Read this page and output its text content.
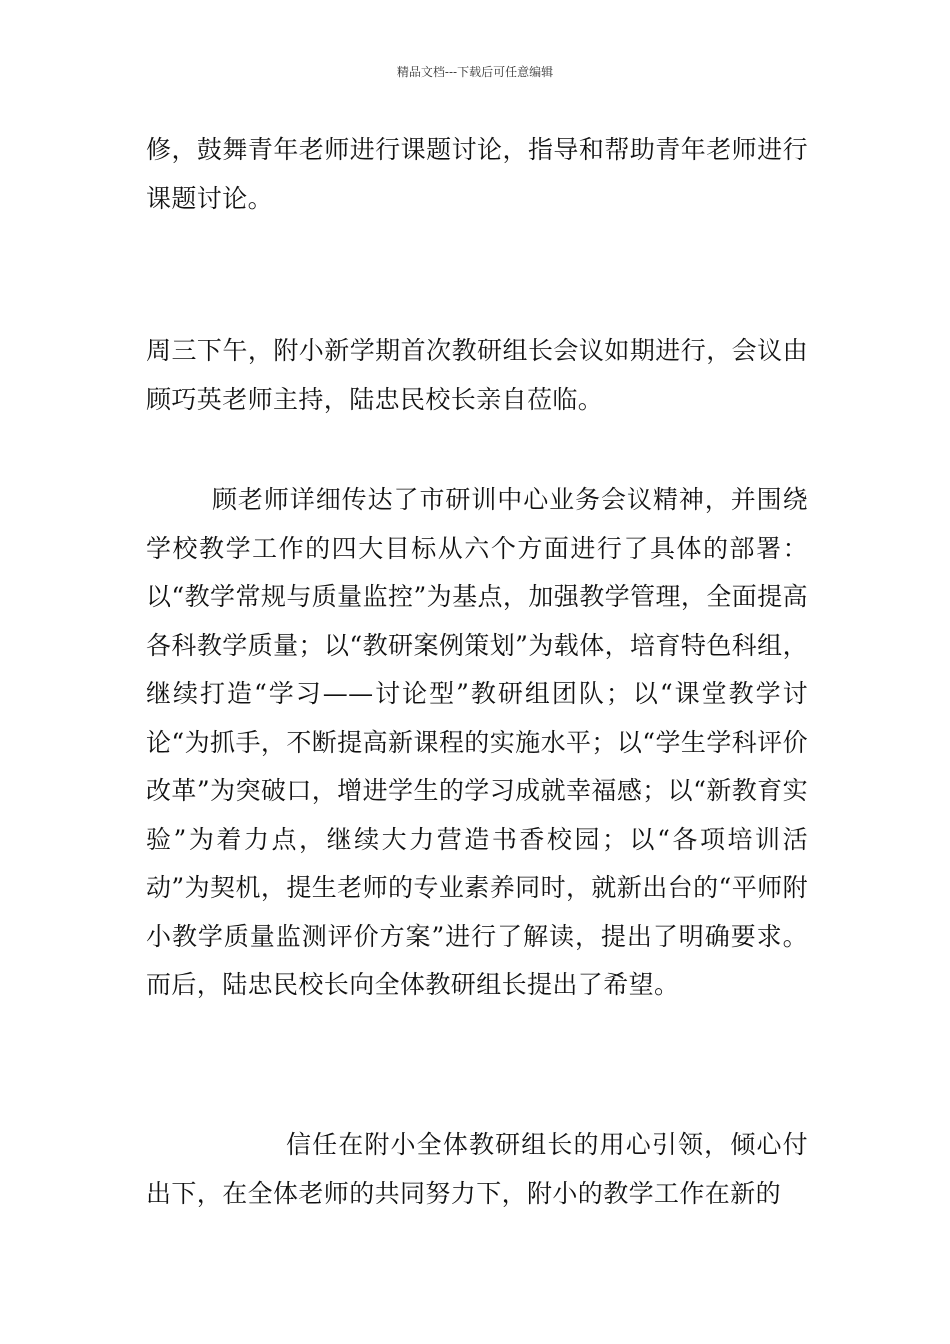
精品文档---下载后可任意编辑

修，鼓舞青年老师进行课题讨论，指导和帮助青年老师进行课题讨论。

周三下午，附小新学期首次教研组长会议如期进行，会议由顾巧英老师主持，陆忠民校长亲自莅临。

顾老师详细传达了市研训中心业务会议精神，并围绕学校教学工作的四大目标从六个方面进行了具体的部署：以“教学常规与质量监控”为基点，加强教学管理，全面提高各科教学质量；以“教研案例策划”为载体，培育特色科组，继续打造“学习——讨论型”教研组团队；以“课堂教学讨论“为抓手，不断提高新课程的实施水平；以“学生学科评价改革”为突破口，增进学生的学习成就幸福感；以“新教育实验”为着力点，继续大力营造书香校园；以“各项培训活动”为契机，提生老师的专业素养同时，就新出台的“平师附小教学质量监测评价方案”进行了解读，提出了明确要求。而后，陆忠民校长向全体教研组长提出了希望。

信任在附小全体教研组长的用心引领，倾心付出下，在全体老师的共同努力下，附小的教学工作在新的
